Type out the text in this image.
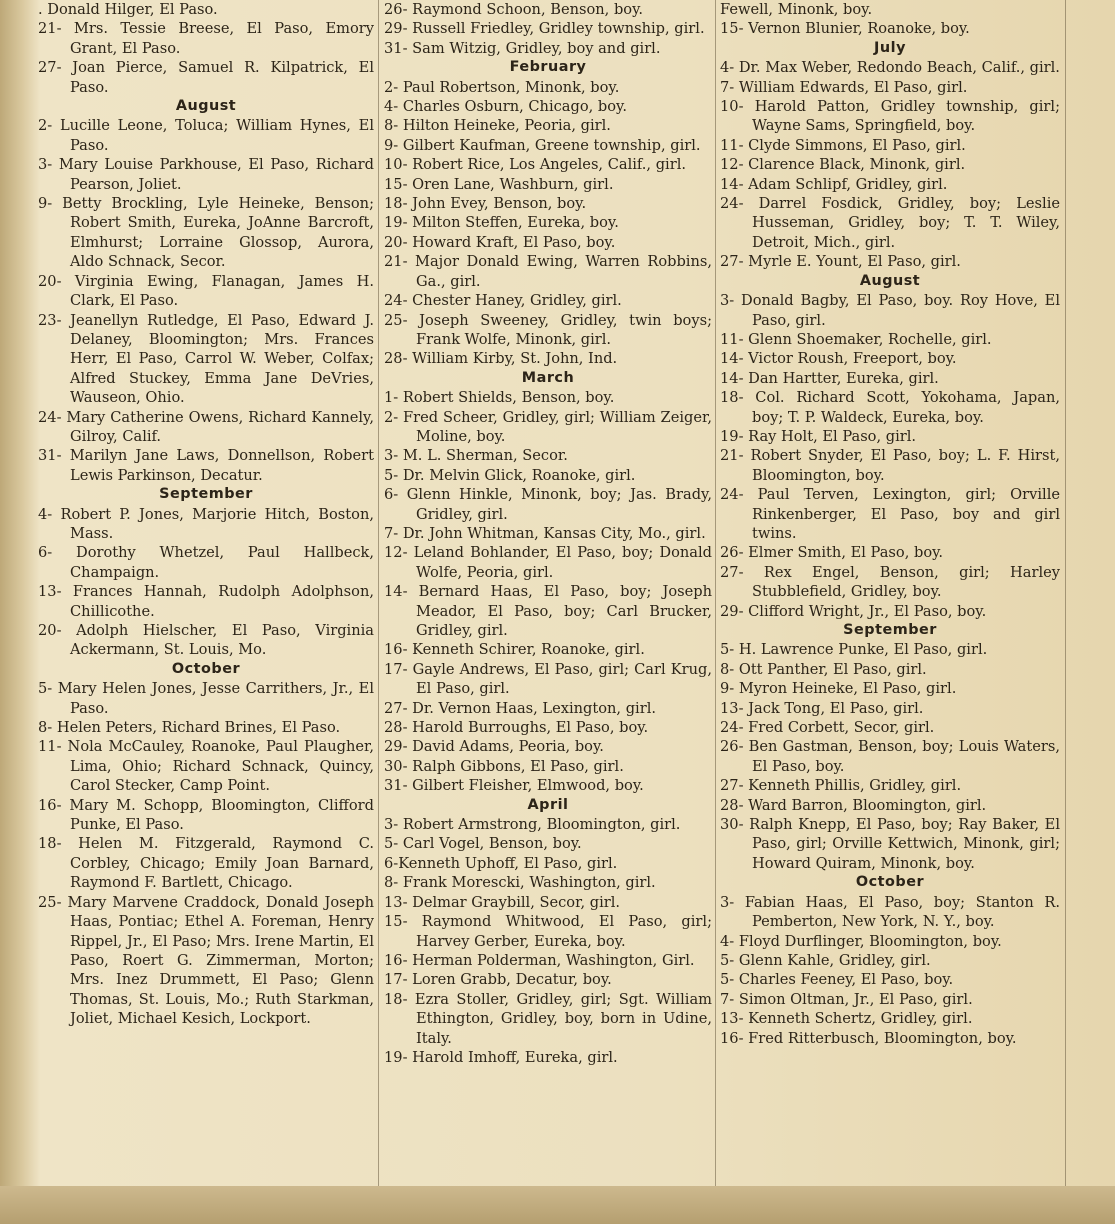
. Donald Hilger, El Paso.

21- Mrs. Tessie Breese, El Paso, Emory Grant, El Paso.

27- Joan Pierce, Samuel R. Kilpatrick, El Paso.

August

2- Lucille Leone, Toluca; William Hynes, El Paso.

3- Mary Louise Parkhouse, El Paso, Richard Pearson, Joliet.

9- Betty Brockling, Lyle Heineke, Benson; Robert Smith, Eureka, JoAnne Barcroft, Elmhurst; Lorraine Glossop, Aurora, Aldo Schnack, Secor.

20- Virginia Ewing, Flanagan, James H. Clark, El Paso.

23- Jeanellyn Rutledge, El Paso, Edward J. Delaney, Bloomington; Mrs. Frances Herr, El Paso, Carrol W. Weber, Colfax; Alfred Stuckey, Emma Jane DeVries, Wauseon, Ohio.

24- Mary Catherine Owens, Richard Kannely, Gilroy, Calif.

31- Marilyn Jane Laws, Donnellson, Robert Lewis Parkinson, Decatur.

September

4- Robert P. Jones, Marjorie Hitch, Boston, Mass.

6- Dorothy Whetzel, Paul Hallbeck, Champaign.

13- Frances Hannah, Rudolph Adolphson, Chillicothe.

20- Adolph Hielscher, El Paso, Virginia Ackermann, St. Louis, Mo.

October

5- Mary Helen Jones, Jesse Carrithers, Jr., El Paso.

8- Helen Peters, Richard Brines, El Paso.

11- Nola McCauley, Roanoke, Paul Plaugher, Lima, Ohio; Richard Schnack, Quincy, Carol Stecker, Camp Point.

16- Mary M. Schopp, Bloomington, Clifford Punke, El Paso.

18- Helen M. Fitzgerald, Raymond C. Corbley, Chicago; Emily Joan Barnard, Raymond F. Bartlett, Chicago.

25- Mary Marvene Craddock, Donald Joseph Haas, Pontiac; Ethel A. Foreman, Henry Rippel, Jr., El Paso; Mrs. Irene Martin, El Paso, Roert G. Zimmerman, Morton; Mrs. Inez Drummett, El Paso; Glenn Thomas, St. Louis, Mo.; Ruth Starkman, Joliet, Michael Kesich, Lockport.

26- Raymond Schoon, Benson, boy.

29- Russell Friedley, Gridley township, girl.

31- Sam Witzig, Gridley, boy and girl.

February

2- Paul Robertson, Minonk, boy.

4- Charles Osburn, Chicago, boy.

8- Hilton Heineke, Peoria, girl.

9- Gilbert Kaufman, Greene township, girl.

10- Robert Rice, Los Angeles, Calif., girl.

15- Oren Lane, Washburn, girl.

18- John Evey, Benson, boy.

19- Milton Steffen, Eureka, boy.

20- Howard Kraft, El Paso, boy.

21- Major Donald Ewing, Warren Robbins, Ga., girl.

24- Chester Haney, Gridley, girl.

25- Joseph Sweeney, Gridley, twin boys; Frank Wolfe, Minonk, girl.

28- William Kirby, St. John, Ind.

March

1- Robert Shields, Benson, boy.

2- Fred Scheer, Gridley, girl; William Zeiger, Moline, boy.

3- M. L. Sherman, Secor.

5- Dr. Melvin Glick, Roanoke, girl.

6- Glenn Hinkle, Minonk, boy; Jas. Brady, Gridley, girl.

7- Dr. John Whitman, Kansas City, Mo., girl.

12- Leland Bohlander, El Paso, boy; Donald Wolfe, Peoria, girl.

14- Bernard Haas, El Paso, boy; Joseph Meador, El Paso, boy; Carl Brucker, Gridley, girl.

16- Kenneth Schirer, Roanoke, girl.

17- Gayle Andrews, El Paso, girl; Carl Krug, El Paso, girl.

27- Dr. Vernon Haas, Lexington, girl.

28- Harold Burroughs, El Paso, boy.

29- David Adams, Peoria, boy.

30- Ralph Gibbons, El Paso, girl.

31- Gilbert Fleisher, Elmwood, boy.

April

3- Robert Armstrong, Bloomington, girl.

5- Carl Vogel, Benson, boy.

6-Kenneth Uphoff, El Paso, girl.

8- Frank Morescki, Washington, girl.

13- Delmar Graybill, Secor, girl.

15- Raymond Whitwood, El Paso, girl; Harvey Gerber, Eureka, boy.

16- Herman Polderman, Washington, Girl.

17- Loren Grabb, Decatur, boy.

18- Ezra Stoller, Gridley, girl; Sgt. William Ethington, Gridley, boy, born in Udine, Italy.

19- Harold Imhoff, Eureka, girl.

Fewell, Minonk, boy.

15- Vernon Blunier, Roanoke, boy.

July

4- Dr. Max Weber, Redondo Beach, Calif., girl.

7- William Edwards, El Paso, girl.

10- Harold Patton, Gridley township, girl; Wayne Sams, Springfield, boy.

11- Clyde Simmons, El Paso, girl.

12- Clarence Black, Minonk, girl.

14- Adam Schlipf, Gridley, girl.

24- Darrel Fosdick, Gridley, boy; Leslie Husseman, Gridley, boy; T. T. Wiley, Detroit, Mich., girl.

27- Myrle E. Yount, El Paso, girl.

August

3- Donald Bagby, El Paso, boy. Roy Hove, El Paso, girl.

11- Glenn Shoemaker, Rochelle, girl.

14- Victor Roush, Freeport, boy.

14- Dan Hartter, Eureka, girl.

18- Col. Richard Scott, Yokohama, Japan, boy; T. P. Waldeck, Eureka, boy.

19- Ray Holt, El Paso, girl.

21- Robert Snyder, El Paso, boy; L. F. Hirst, Bloomington, boy.

24- Paul Terven, Lexington, girl; Orville Rinkenberger, El Paso, boy and girl twins.

26- Elmer Smith, El Paso, boy.

27- Rex Engel, Benson, girl; Harley Stubblefield, Gridley, boy.

29- Clifford Wright, Jr., El Paso, boy.

September

5- H. Lawrence Punke, El Paso, girl.

8- Ott Panther, El Paso, girl.

9- Myron Heineke, El Paso, girl.

13- Jack Tong, El Paso, girl.

24- Fred Corbett, Secor, girl.

26- Ben Gastman, Benson, boy; Louis Waters, El Paso, boy.

27- Kenneth Phillis, Gridley, girl.

28- Ward Barron, Bloomington, girl.

30- Ralph Knepp, El Paso, boy; Ray Baker, El Paso, girl; Orville Kettwich, Minonk, girl; Howard Quiram, Minonk, boy.

October

3- Fabian Haas, El Paso, boy; Stanton R. Pemberton, New York, N. Y., boy.

4- Floyd Durflinger, Bloomington, boy.

5- Glenn Kahle, Gridley, girl.

5- Charles Feeney, El Paso, boy.

7- Simon Oltman, Jr., El Paso, girl.

13- Kenneth Schertz, Gridley, girl.

16- Fred Ritterbusch, Bloomington, boy.
